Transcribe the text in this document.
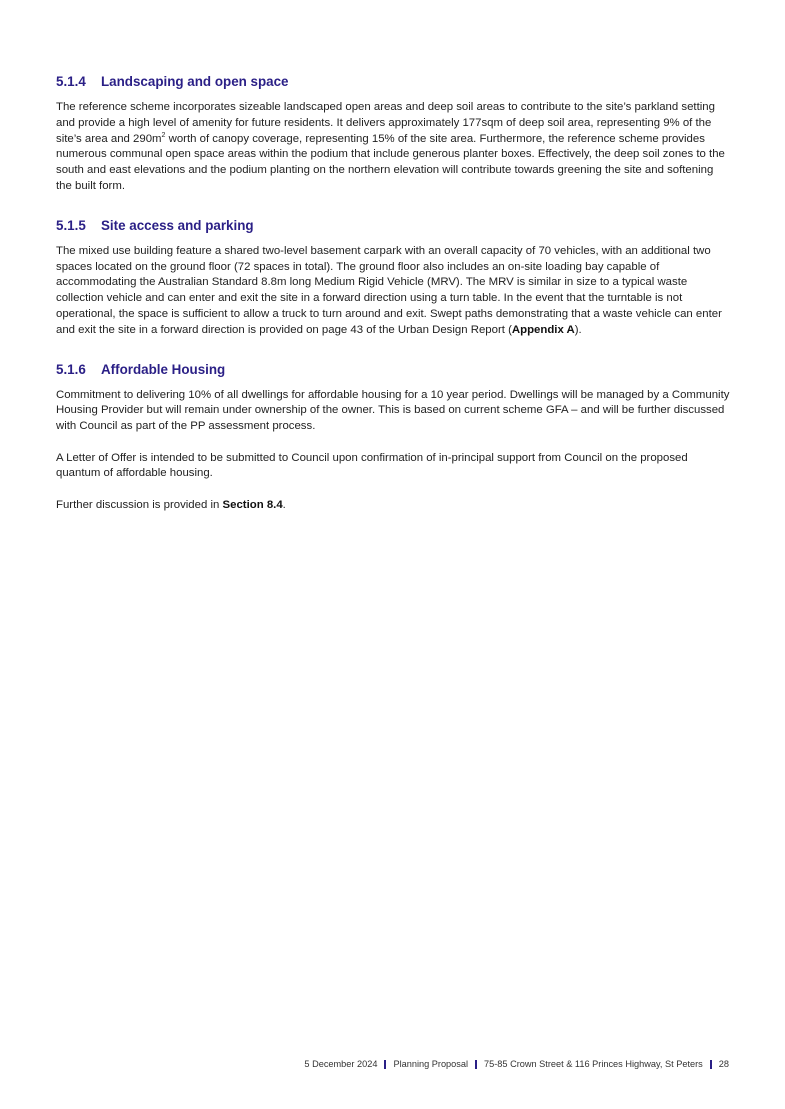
5.1.4	Landscaping and open space

The reference scheme incorporates sizeable landscaped open areas and deep soil areas to contribute to the site’s parkland setting and provide a high level of amenity for future residents. It delivers approximately 177sqm of deep soil area, representing 9% of the site’s area and $290m^2$ worth of canopy coverage, representing 15% of the site area. Furthermore, the reference scheme provides numerous communal open space areas within the podium that include generous planter boxes. Effectively, the deep soil zones to the south and east elevations and the podium planting on the northern elevation will contribute towards greening the site and softening the built form.

5.1.5	Site access and parking

The mixed use building feature a shared two-level basement carpark with an overall capacity of 70 vehicles, with an additional two spaces located on the ground floor (72 spaces in total). The ground floor also includes an on-site loading bay capable of accommodating the Australian Standard 8.8m long Medium Rigid Vehicle (MRV). The MRV is similar in size to a typical waste collection vehicle and can enter and exit the site in a forward direction using a turn table. In the event that the turntable is not operational, the space is sufficient to allow a truck to turn around and exit. Swept paths demonstrating that a waste vehicle can enter and exit the site in a forward direction is provided on page 43 of the Urban Design Report (Appendix A).

5.1.6	Affordable Housing

Commitment to delivering 10% of all dwellings for affordable housing for a 10 year period. Dwellings will be managed by a Community Housing Provider but will remain under ownership of the owner. This is based on current scheme GFA – and will be further discussed with Council as part of the PP assessment process.

A Letter of Offer is intended to be submitted to Council upon confirmation of in-principal support from Council on the proposed quantum of affordable housing.

Further discussion is provided in Section 8.4.

5 December 2024 Planning Proposal 75-85 Crown Street & 116 Princes Highway, St Peters 28
